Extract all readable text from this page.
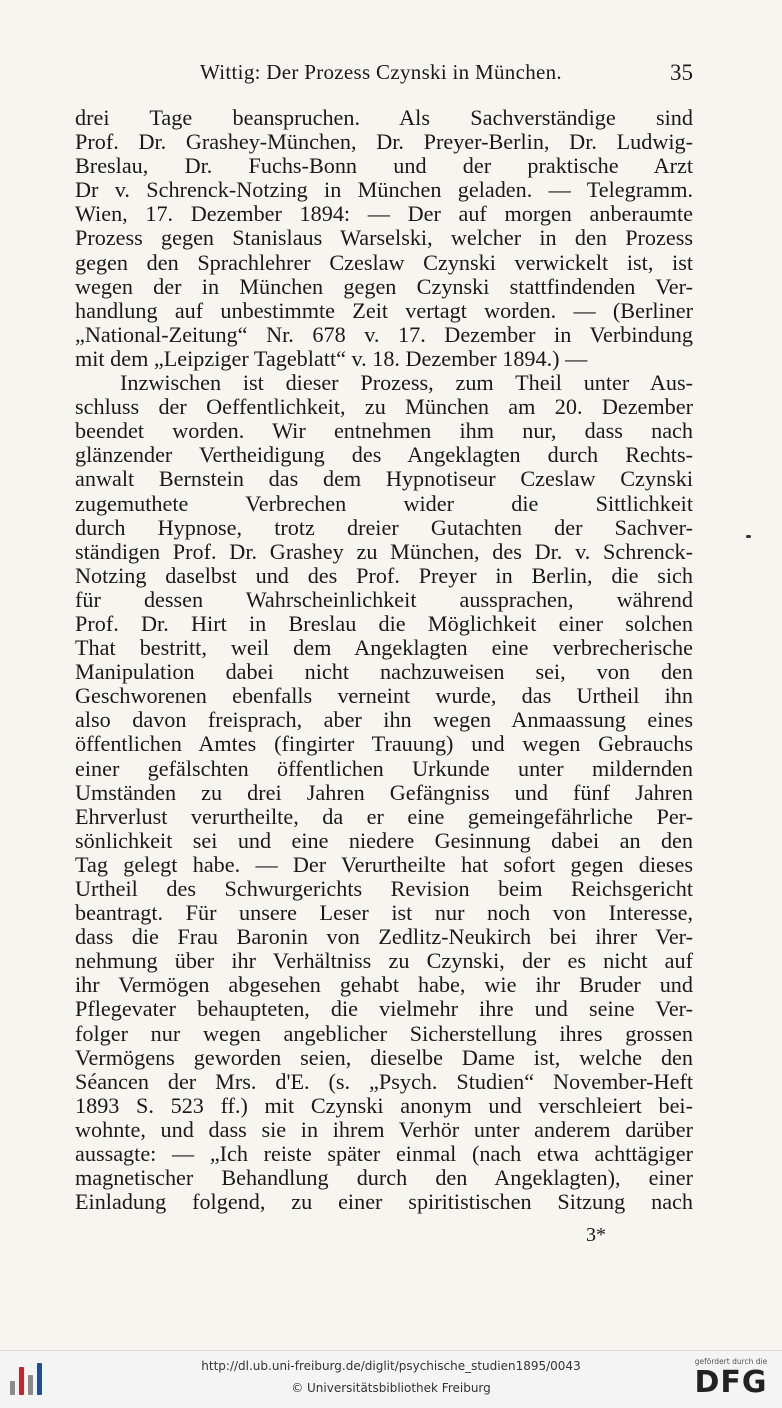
Wittig: Der Prozess Czynski in München.	35
drei Tage beanspruchen. Als Sachverständige sind
Prof. Dr. Grashey-München, Dr. Preyer-Berlin, Dr. Ludwig-
Breslau, Dr. Fuchs-Bonn und der praktische Arzt
Dr v. Schrenck-Notzing in München geladen. — Telegramm.
Wien, 17. Dezember 1894: — Der auf morgen anberaumte
Prozess gegen Stanislaus Warselski, welcher in den Prozess
gegen den Sprachlehrer Czeslaw Czynski verwickelt ist, ist
wegen der in München gegen Czynski stattfindenden Ver-
handlung auf unbestimmte Zeit vertagt worden. — (Berliner
„National-Zeitung“ Nr. 678 v. 17. Dezember in Verbindung
mit dem „Leipziger Tageblatt“ v. 18. Dezember 1894.) —
Inzwischen ist dieser Prozess, zum Theil unter Aus-
schluss der Oeffentlichkeit, zu München am 20. Dezember
beendet worden. Wir entnehmen ihm nur, dass nach
glänzender Vertheidigung des Angeklagten durch Rechts-
anwalt Bernstein das dem Hypnotiseur Czeslaw Czynski
zugemuthete Verbrechen wider die Sittlichkeit
durch Hypnose, trotz dreier Gutachten der Sachver-
ständigen Prof. Dr. Grashey zu München, des Dr. v. Schrenck-
Notzing daselbst und des Prof. Preyer in Berlin, die sich
für dessen Wahrscheinlichkeit aussprachen, während
Prof. Dr. Hirt in Breslau die Möglichkeit einer solchen
That bestritt, weil dem Angeklagten eine verbrecherische
Manipulation dabei nicht nachzuweisen sei, von den
Geschworenen ebenfalls verneint wurde, das Urtheil ihn
also davon freisprach, aber ihn wegen Anmaassung eines
öffentlichen Amtes (fingirter Trauung) und wegen Gebrauchs
einer gefälschten öffentlichen Urkunde unter mildernden
Umständen zu drei Jahren Gefängniss und fünf Jahren
Ehrverlust verurtheilte, da er eine gemeingefährliche Per-
sönlichkeit sei und eine niedere Gesinnung dabei an den
Tag gelegt habe. — Der Verurtheilte hat sofort gegen dieses
Urtheil des Schwurgerichts Revision beim Reichsgericht
beantragt. Für unsere Leser ist nur noch von Interesse,
dass die Frau Baronin von Zedlitz-Neukirch bei ihrer Ver-
nehmung über ihr Verhältniss zu Czynski, der es nicht auf
ihr Vermögen abgesehen gehabt habe, wie ihr Bruder und
Pflegevater behaupteten, die vielmehr ihre und seine Ver-
folger nur wegen angeblicher Sicherstellung ihres grossen
Vermögens geworden seien, dieselbe Dame ist, welche den
Séancen der Mrs. d'E. (s. „Psych. Studien“ November-Heft
1893 S. 523 ff.) mit Czynski anonym und verschleiert bei-
wohnte, und dass sie in ihrem Verhör unter anderem darüber
aussagte: — „Ich reiste später einmal (nach etwa achttägiger
magnetischer Behandlung durch den Angeklagten), einer
Einladung folgend, zu einer spiritistischen Sitzung nach
3*
http://dl.ub.uni-freiburg.de/diglit/psychische_studien1895/0043
© Universitätsbibliothek Freiburg
gefördert durch die
DFG
